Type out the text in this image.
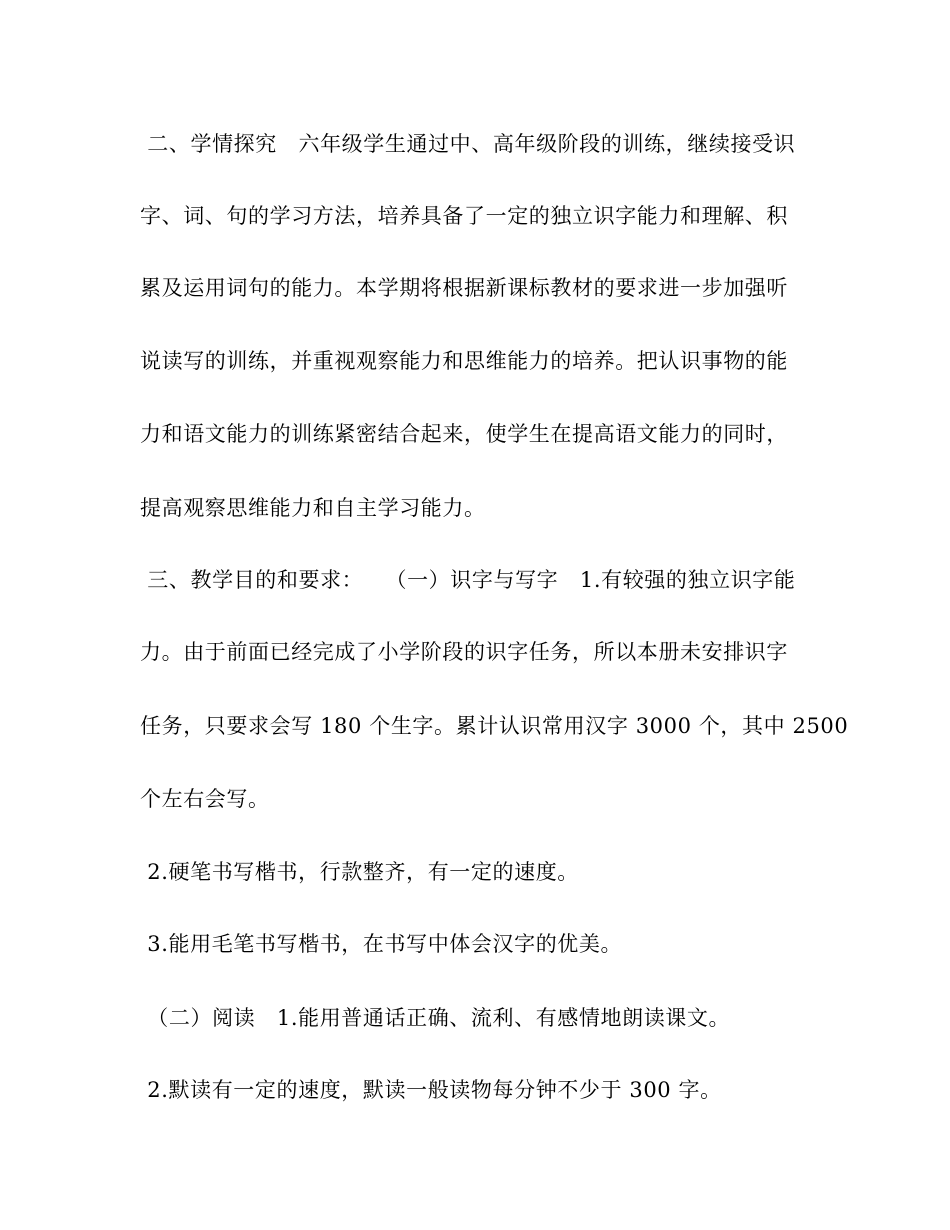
二、学情探究　六年级学生通过中、高年级阶段的训练，继续接受识
字、词、句的学习方法，培养具备了一定的独立识字能力和理解、积
累及运用词句的能力。本学期将根据新课标教材的要求进一步加强听
说读写的训练，并重视观察能力和思维能力的培养。把认识事物的能
力和语文能力的训练紧密结合起来，使学生在提高语文能力的同时，
提高观察思维能力和自主学习能力。
三、教学目的和要求：　　（一）识字与写字　1.有较强的独立识字能
力。由于前面已经完成了小学阶段的识字任务，所以本册未安排识字
任务，只要求会写 180 个生字。累计认识常用汉字 3000 个，其中 2500
个左右会写。
2.硬笔书写楷书，行款整齐，有一定的速度。
3.能用毛笔书写楷书，在书写中体会汉字的优美。
（二）阅读　1.能用普通话正确、流利、有感情地朗读课文。
2.默读有一定的速度，默读一般读物每分钟不少于 300 字。
